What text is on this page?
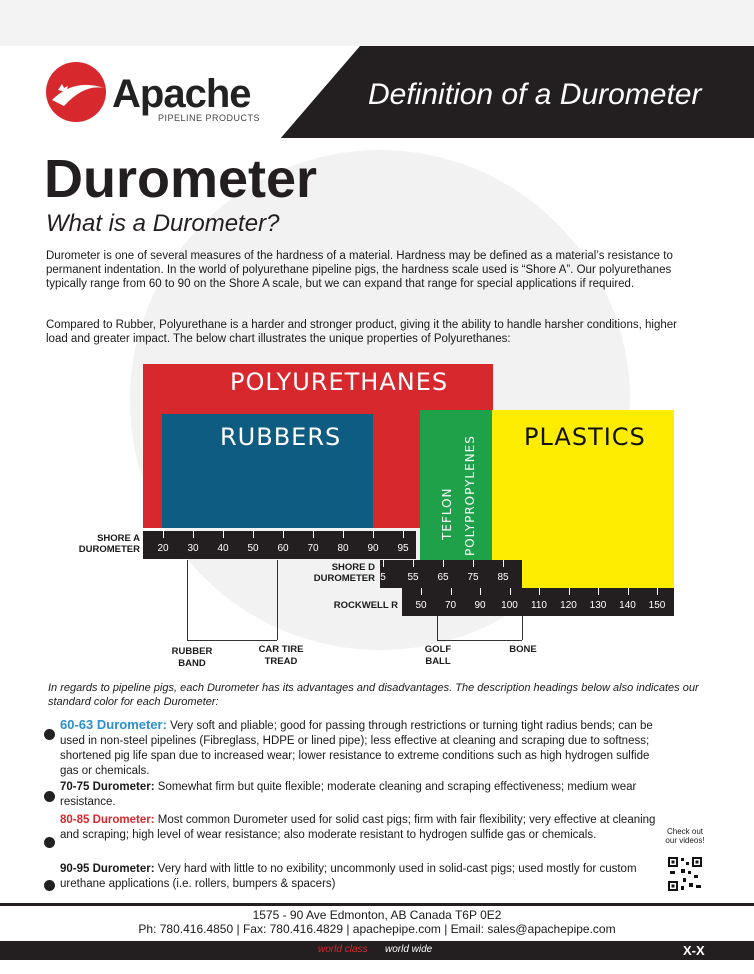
Apache
PIPELINE PRODUCTS
Definition of a Durometer
Durometer
What is a Durometer?
Durometer is one of several measures of the hardness of a material. Hardness may be defined as a material’s resistance to permanent indentation. In the world of polyurethane pipeline pigs, the hardness scale used is “Shore A”. Our polyurethanes typically range from 60 to 90 on the Shore A scale, but we can expand that range for special applications if required.
Compared to Rubber, Polyurethane is a harder and stronger product, giving it the ability to handle harsher conditions, higher load and greater impact. The below chart illustrates the unique properties of Polyurethanes:
POLYURETHANES
RUBBERS	PLASTICS
TEFLON POLYPROPYLENES
SHORE A
DUROMETER 20 30 40 50 60 70 80 90 95
SHORE D
DUROMETER 5 55 65 75 85
ROCKWELL R 50 70 90 100 110 120 130 140 150
RUBBER
BAND
CAR TIRE
TREAD
GOLF
BALL
BONE
In regards to pipeline pigs, each Durometer has its advantages and disadvantages. The description headings below also indicates our standard color for each Durometer:
60-63 Durometer: Very soft and pliable; good for passing through restrictions or turning tight radius bends; can be used in non-steel pipelines (Fibreglass, HDPE or lined pipe); less effective at cleaning and scraping due to softness; shortened pig life span due to increased wear; lower resistance to extreme conditions such as high hydrogen sulfide gas or chemicals.
70-75 Durometer: Somewhat firm but quite flexible; moderate cleaning and scraping effectiveness; medium wear resistance.
80-85 Durometer: Most common Durometer used for solid cast pigs; firm with fair flexibility; very effective at cleaning and scraping; high level of wear resistance; also moderate resistant to hydrogen sulfide gas or chemicals.
90-95 Durometer: Very hard with little to no exibility; uncommonly used in solid-cast pigs; used mostly for custom urethane applications (i.e. rollers, bumpers & spacers)
Check out our videos!
1575 - 90 Ave Edmonton, AB Canada T6P 0E2
Ph: 780.416.4850 | Fax: 780.416.4829 | apachepipe.com | Email: sales@apachepipe.com
world class world wide	X-X
